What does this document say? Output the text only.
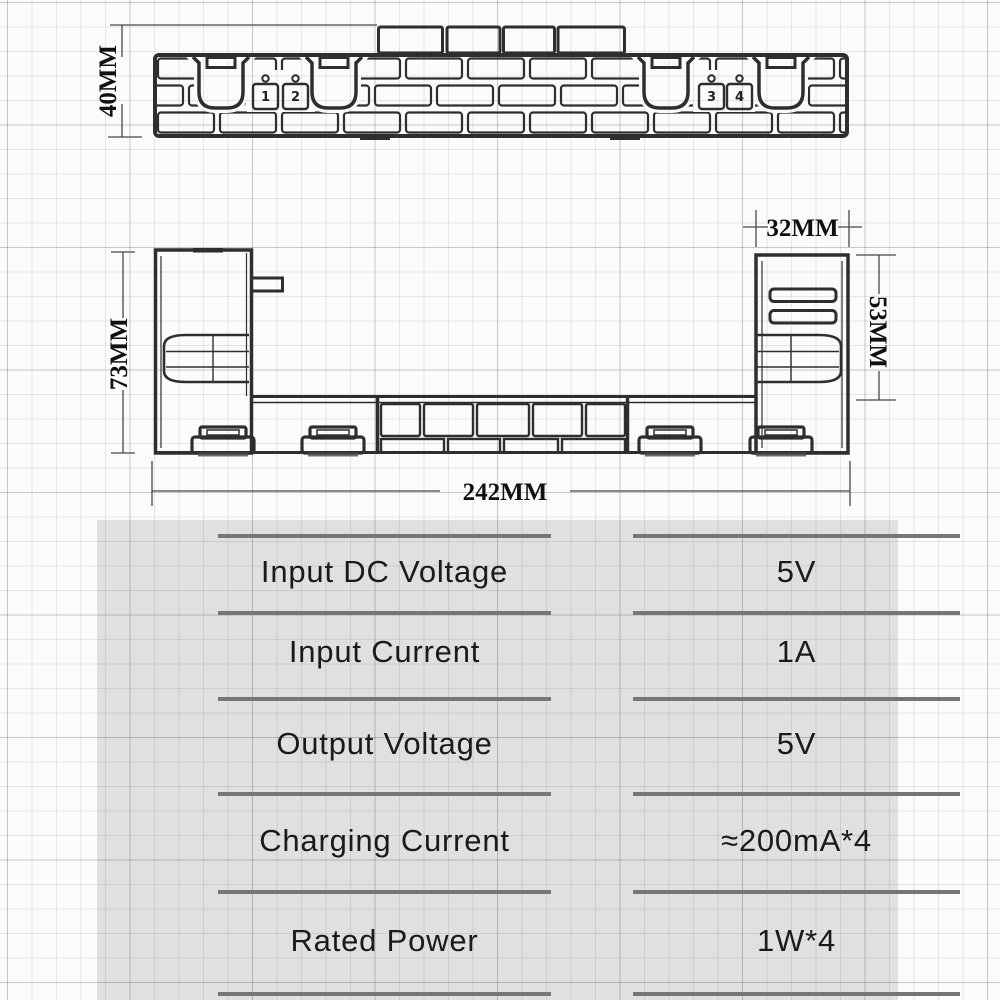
1 2	3 4
40MM
73MM
32MM
53MM
242MM
Input DC Voltage	5V
Input Current	1A
Output Voltage	5V
Charging Current	≈200mA*4
Rated Power	1W*4
